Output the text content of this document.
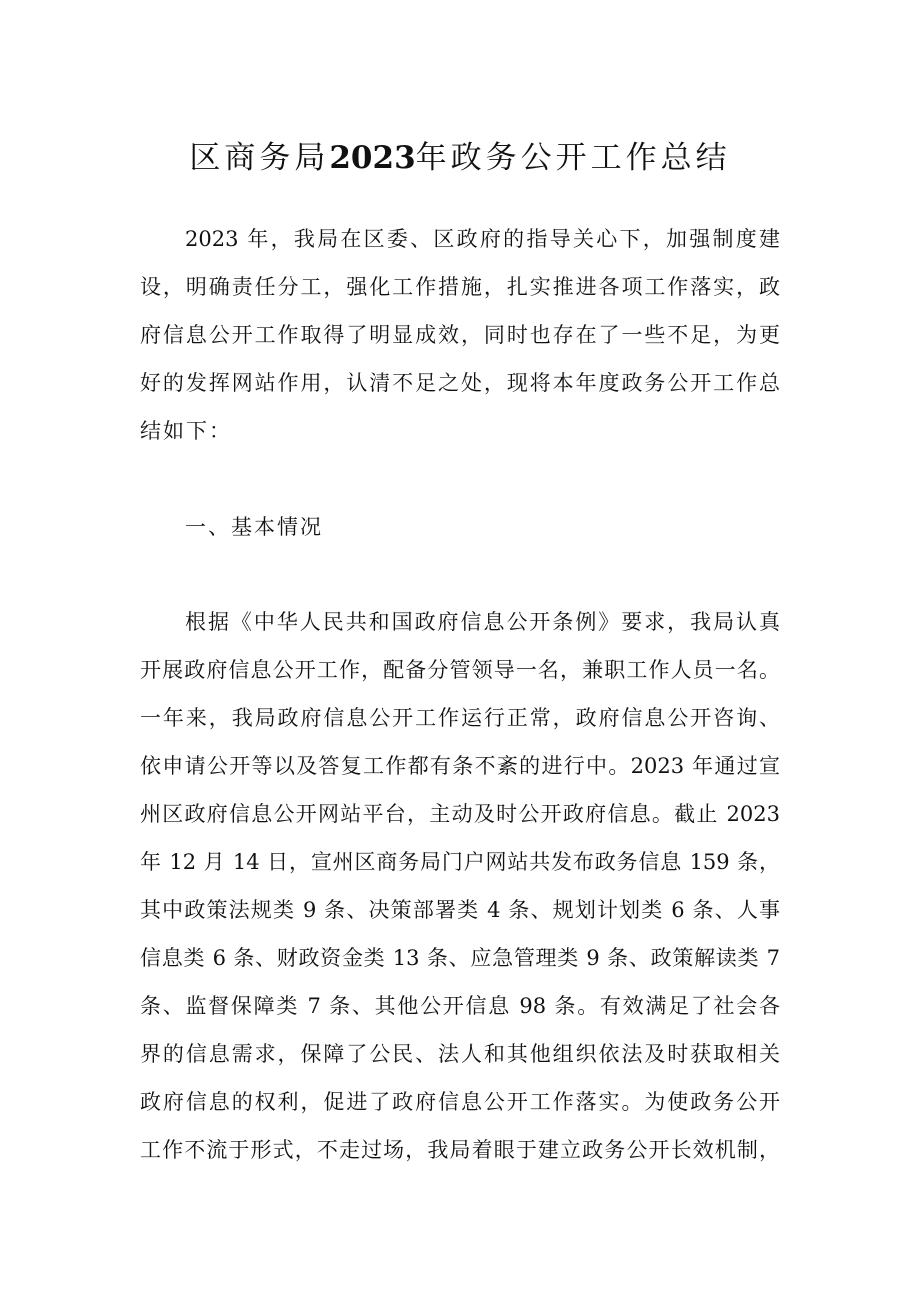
区商务局2023年政务公开工作总结
2023 年，我局在区委、区政府的指导关心下，加强制度建
设，明确责任分工，强化工作措施，扎实推进各项工作落实，政
府信息公开工作取得了明显成效，同时也存在了一些不足，为更
好的发挥网站作用，认清不足之处，现将本年度政务公开工作总
结如下：
一、基本情况
根据《中华人民共和国政府信息公开条例》要求，我局认真
开展政府信息公开工作，配备分管领导一名，兼职工作人员一名。
一年来，我局政府信息公开工作运行正常，政府信息公开咨询、
依申请公开等以及答复工作都有条不紊的进行中。2023 年通过宣
州区政府信息公开网站平台，主动及时公开政府信息。截止 2023
年 12 月 14 日，宣州区商务局门户网站共发布政务信息 159 条，
其中政策法规类 9 条、决策部署类 4 条、规划计划类 6 条、人事
信息类 6 条、财政资金类 13 条、应急管理类 9 条、政策解读类 7
条、监督保障类 7 条、其他公开信息 98 条。有效满足了社会各
界的信息需求，保障了公民、法人和其他组织依法及时获取相关
政府信息的权利，促进了政府信息公开工作落实。为使政务公开
工作不流于形式，不走过场，我局着眼于建立政务公开长效机制，
